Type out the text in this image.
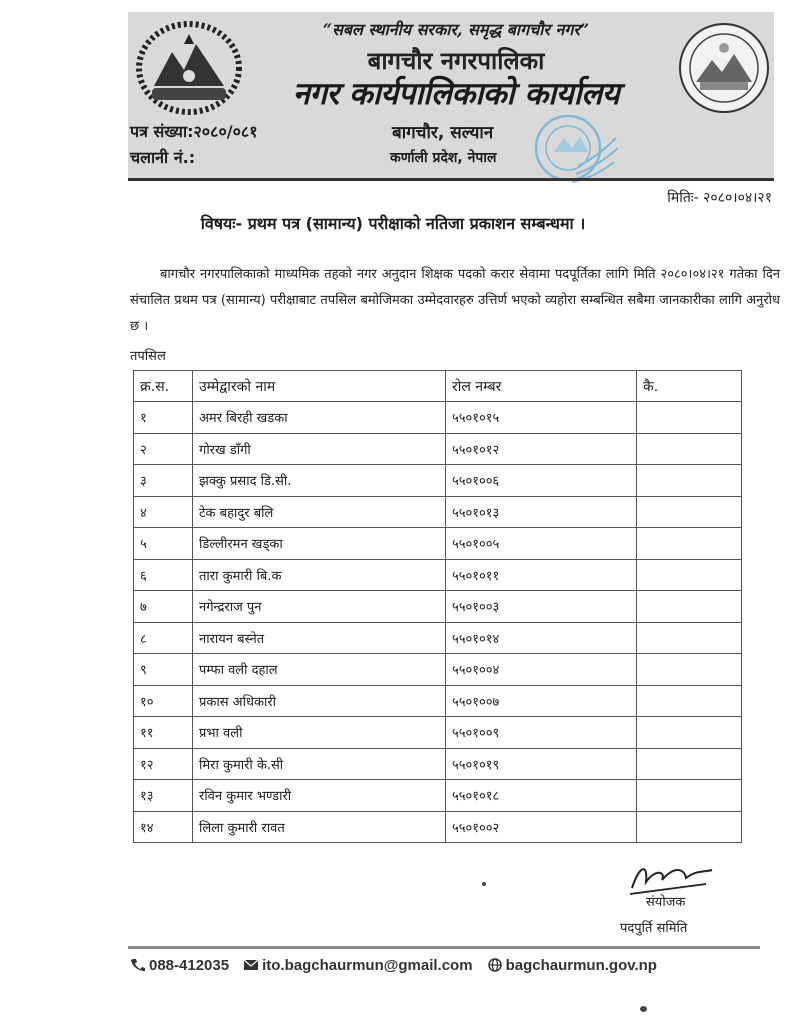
“सबल स्थानीय सरकार, समृद्ध बागचौर नगर”
बागचौर नगरपालिका
नगर कार्यपालिकाको कार्यालय
पत्र संख्या:२०८०/०८१
चलानी नं.:
बागचौर, सल्यान
कर्णाली प्रदेश, नेपाल
मितिः- २०८०।०४।२१
विषयः- प्रथम पत्र (सामान्य) परीक्षाको नतिजा प्रकाशन सम्बन्धमा ।
बागचौर नगरपालिकाको माध्यमिक तहको नगर अनुदान शिक्षक पदको करार सेवामा पदपूर्तिका लागि मिति २०८०।०४।२१ गतेका दिन संचालित प्रथम पत्र (सामान्य) परीक्षाबाट तपसिल बमोजिमका उम्मेदवारहरु उत्तिर्ण भएको व्यहोरा सम्बन्धित सबैमा जानकारीका लागि अनुरोध छ ।
तपसिल
क्र.स.	उम्मेद्वारको नाम	रोल नम्बर	कै.
१	अमर बिरही खडका	५५०१०१५	
२	गोरख डाँगी	५५०१०१२	
३	झक्कु प्रसाद डि.सी.	५५०१००६	
४	टेक बहादुर बलि	५५०१०१३	
५	डिल्लीरमन खड्का	५५०१००५	
६	तारा कुमारी बि.क	५५०१०११	
७	नगेन्द्रराज पुन	५५०१००३	
८	नारायन बस्नेत	५५०१०१४	
९	पम्फा वली दहाल	५५०१००४	
१०	प्रकास अधिकारी	५५०१००७	
११	प्रभा वली	५५०१००९	
१२	मिरा कुमारी के.सी	५५०१०१९	
१३	रविन कुमार भण्डारी	५५०१०१८	
१४	लिला कुमारी रावत	५५०१००२	
संयोजक
पदपुर्ति समिति
088-412035 ito.bagchaurmun@gmail.com bagchaurmun.gov.np
